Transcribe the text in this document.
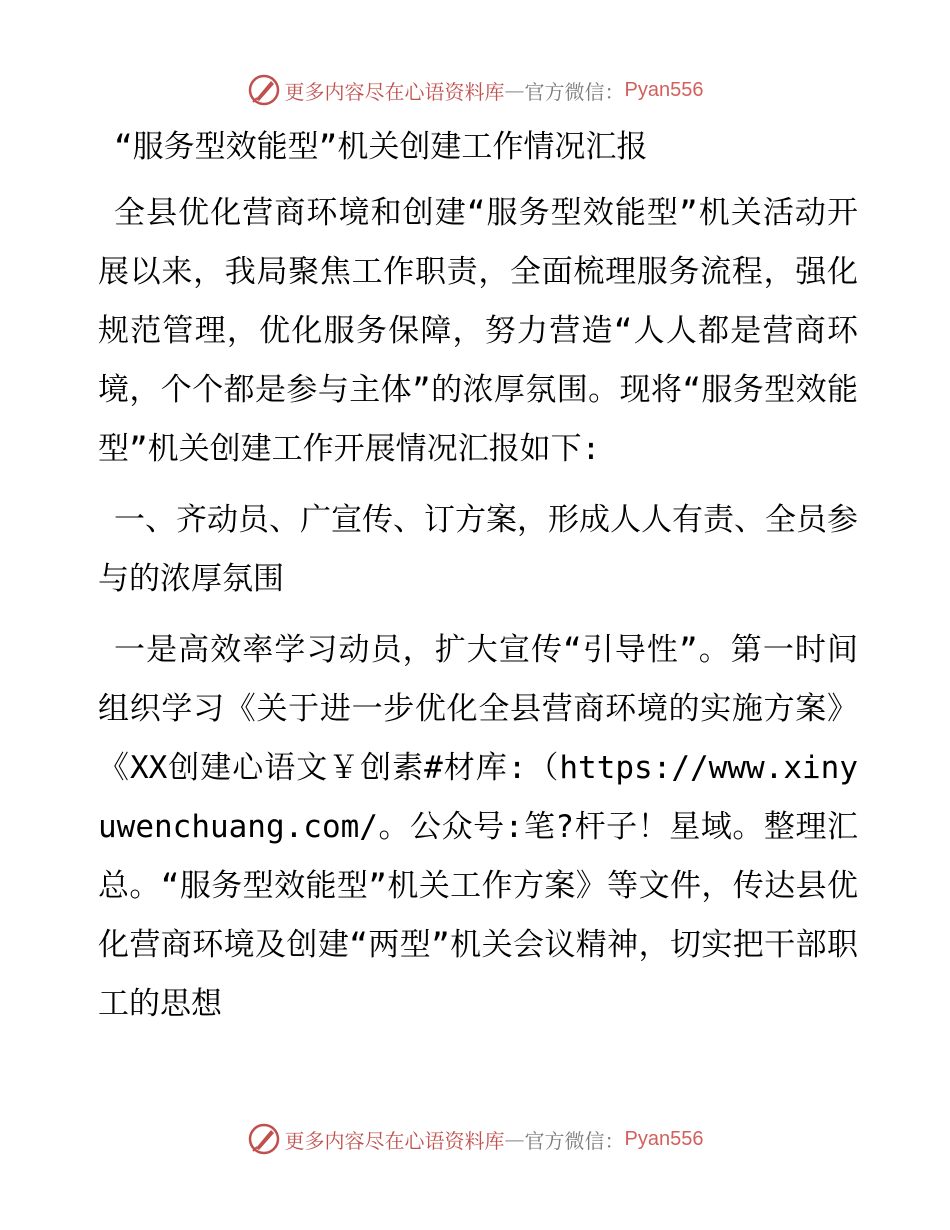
更多内容尽在心语资料库 — 官方微信： Pyan556
“服务型效能型”机关创建工作情况汇报

全县优化营商环境和创建“服务型效能型”机关活动开展以来，我局聚焦工作职责，全面梳理服务流程，强化规范管理，优化服务保障，努力营造“人人都是营商环境，个个都是参与主体”的浓厚氛围。现将“服务型效能型”机关创建工作开展情况汇报如下:

一、齐动员、广宣传、订方案，形成人人有责、全员参与的浓厚氛围

一是高效率学习动员，扩大宣传“引导性”。第一时间组织学习《关于进一步优化全县营商环境的实施方案》《XX创建心语文￥创素#材库:（https://www.xinyuwenchuang.com/。公众号:笔?杆子！星域。整理汇总。“服务型效能型”机关工作方案》等文件，传达县优化营商环境及创建“两型”机关会议精神，切实把干部职工的思想

更多内容尽在心语资料库 — 官方微信： Pyan556
